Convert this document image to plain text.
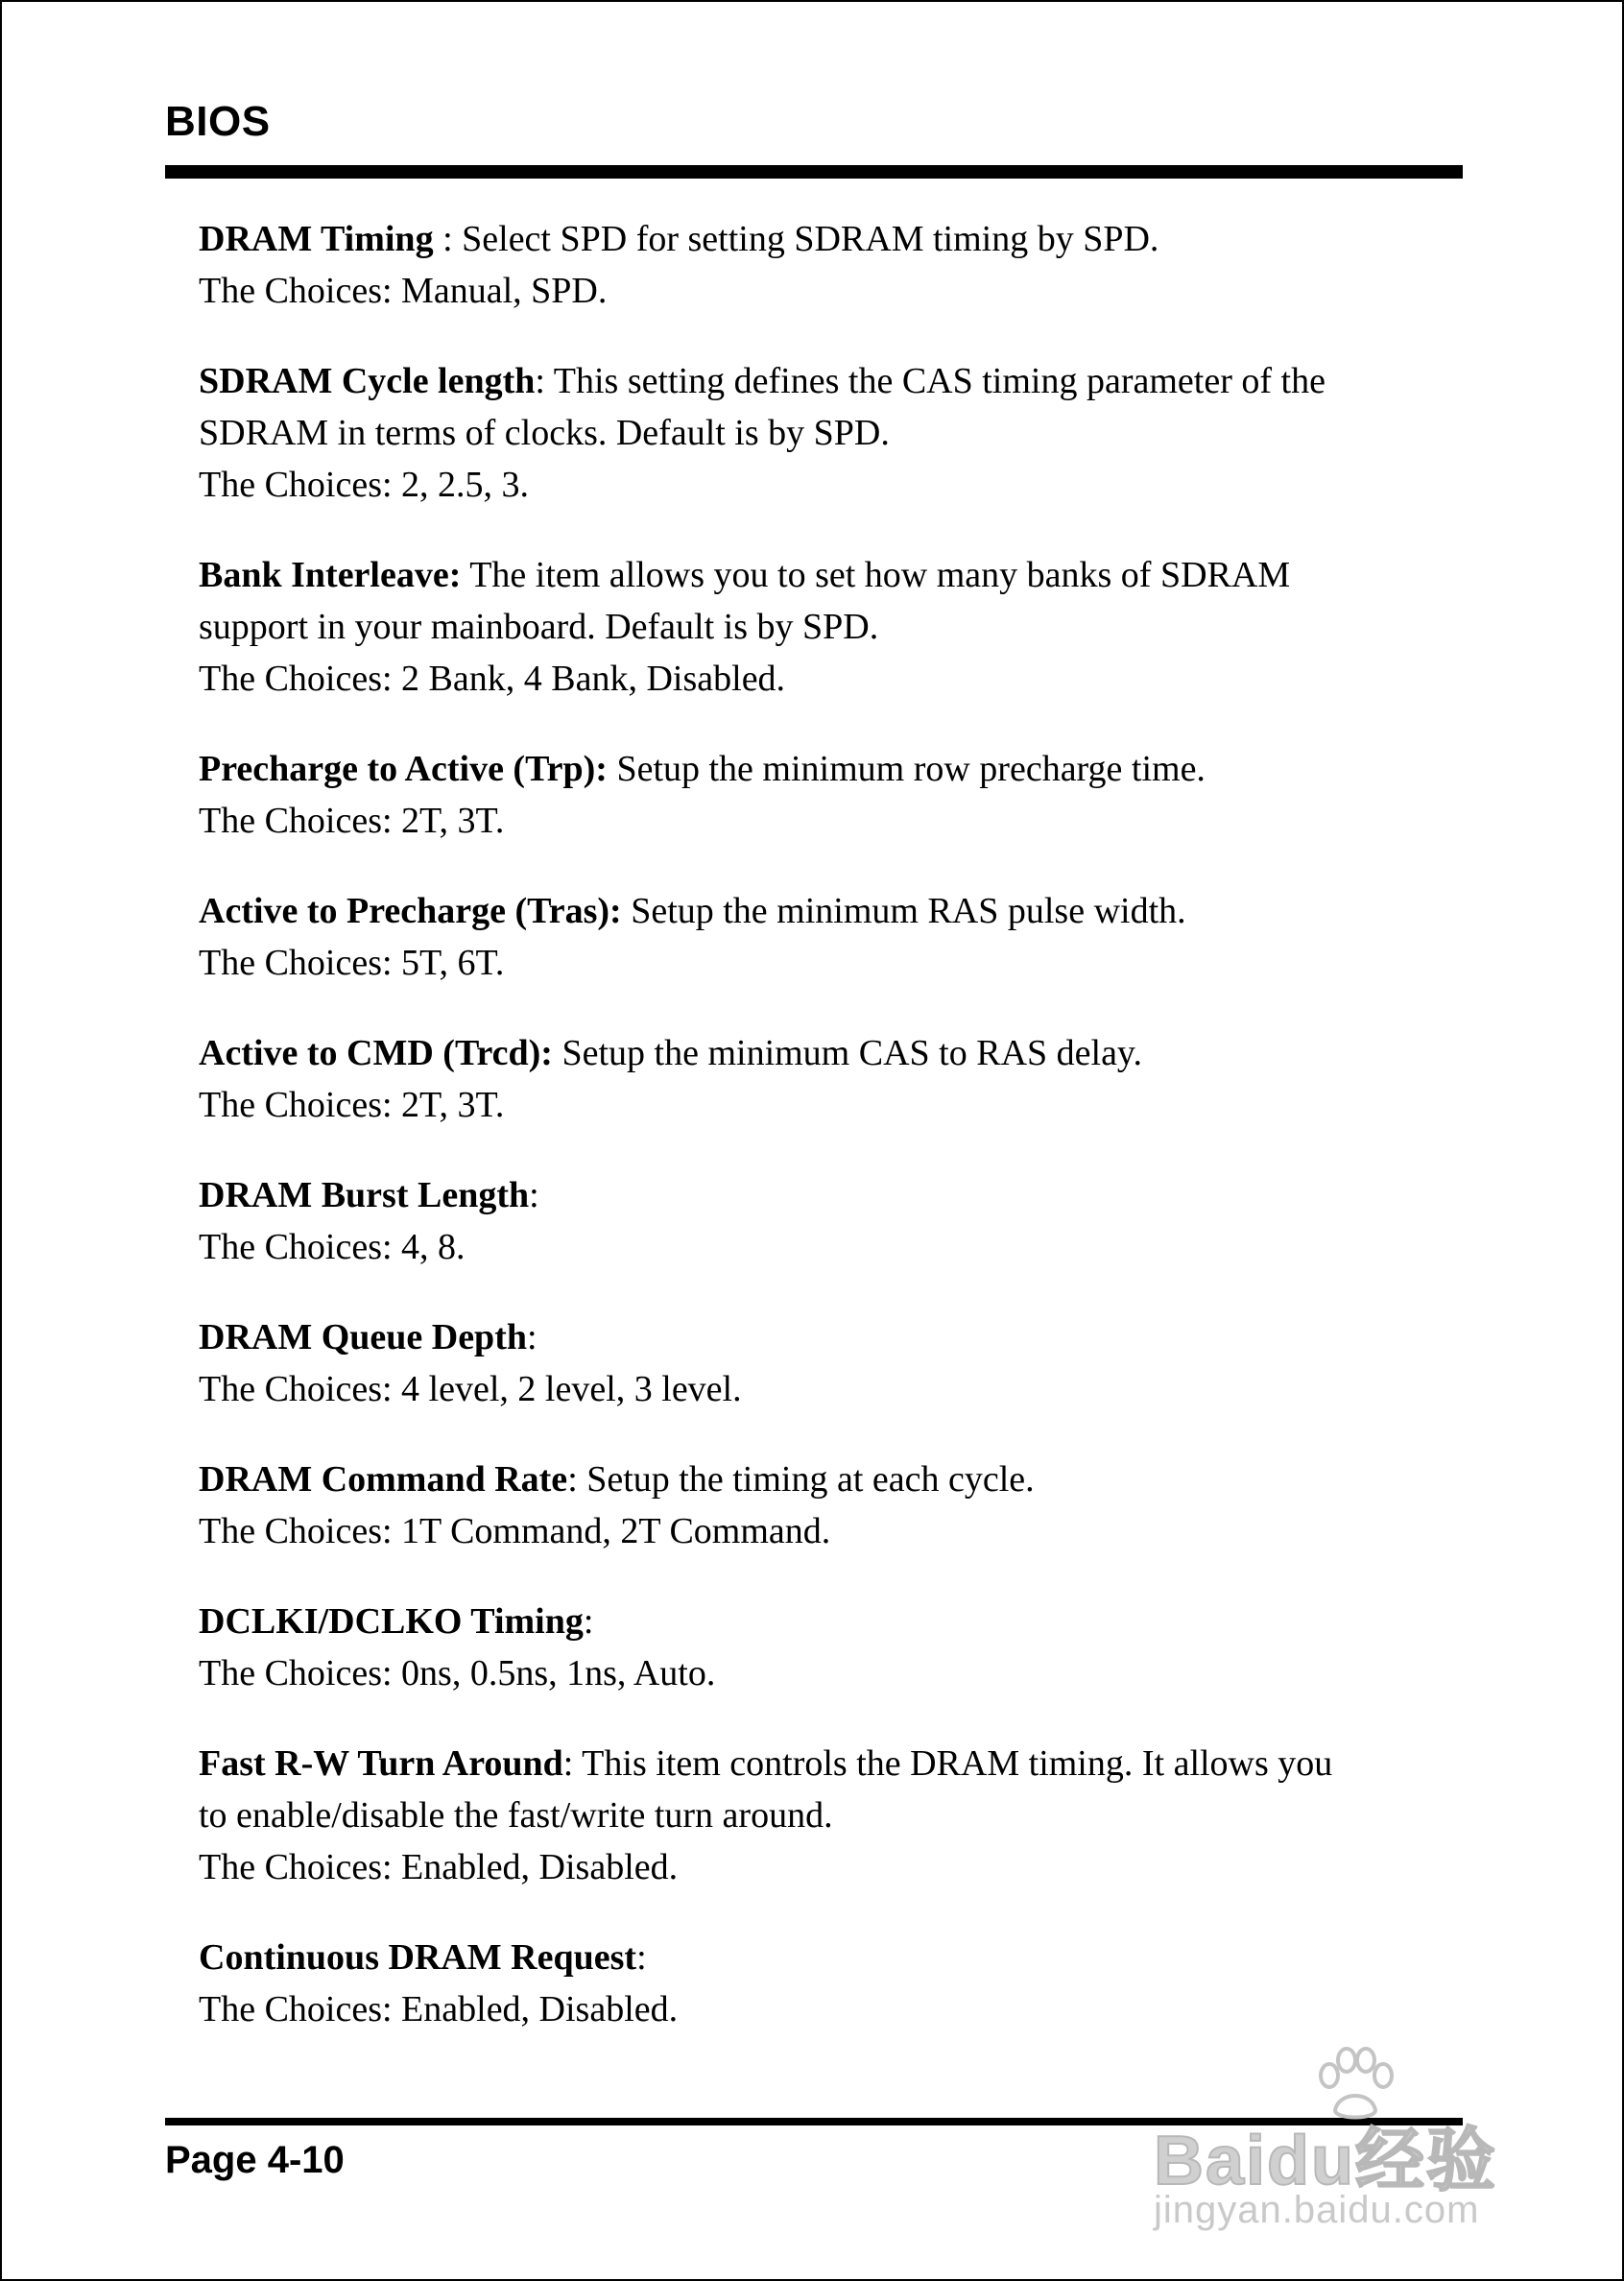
BIOS
DRAM Timing : Select SPD for setting SDRAM timing by SPD.
The Choices: Manual, SPD.
SDRAM Cycle length: This setting defines the CAS timing parameter of the
SDRAM in terms of clocks. Default is by SPD.
The Choices: 2, 2.5, 3.
Bank Interleave: The item allows you to set how many banks of SDRAM
support in your mainboard. Default is by SPD.
The Choices: 2 Bank, 4 Bank, Disabled.
Precharge to Active (Trp): Setup the minimum row precharge time.
The Choices: 2T, 3T.
Active to Precharge (Tras): Setup the minimum RAS pulse width.
The Choices: 5T, 6T.
Active to CMD (Trcd): Setup the minimum CAS to RAS delay.
The Choices: 2T, 3T.
DRAM Burst Length:
The Choices: 4, 8.
DRAM Queue Depth:
The Choices: 4 level, 2 level, 3 level.
DRAM Command Rate: Setup the timing at each cycle.
The Choices: 1T Command, 2T Command.
DCLKI/DCLKO Timing:
The Choices: 0ns, 0.5ns, 1ns, Auto.
Fast R-W Turn Around: This item controls the DRAM timing. It allows you
to enable/disable the fast/write turn around.
The Choices: Enabled, Disabled.
Continuous DRAM Request:
The Choices: Enabled, Disabled.
Page 4-10	Baidu经验
jingyan.baidu.com
